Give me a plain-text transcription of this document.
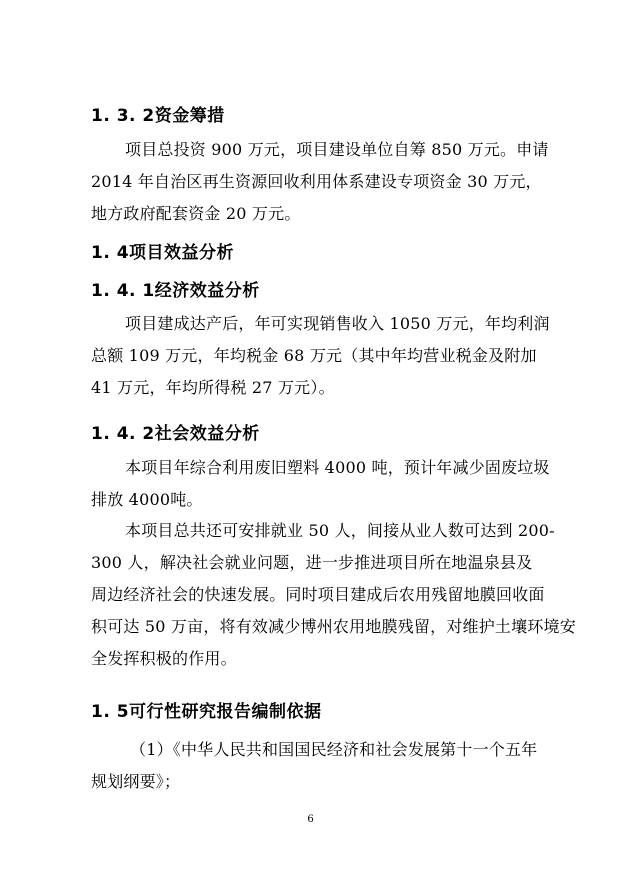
1. 3. 2资金筹措
项目总投资 900 万元，项目建设单位自筹 850 万元。申请
2014 年自治区再生资源回收利用体系建设专项资金 30 万元，
地方政府配套资金 20 万元。
1. 4项目效益分析
1. 4. 1经济效益分析
项目建成达产后，年可实现销售收入 1050 万元，年均利润
总额 109 万元，年均税金 68 万元（其中年均营业税金及附加
41 万元，年均所得税 27 万元）。
1. 4. 2社会效益分析
本项目年综合利用废旧塑料 4000 吨，预计年减少固废垃圾
排放 4000吨。
本项目总共还可安排就业 50 人，间接从业人数可达到 200-
300 人，解决社会就业问题，进一步推进项目所在地温泉县及
周边经济社会的快速发展。同时项目建成后农用残留地膜回收面
积可达 50 万亩，将有效减少博州农用地膜残留，对维护土壤环境安
全发挥积极的作用。
1. 5可行性研究报告编制依据
（1）《中华人民共和国国民经济和社会发展第十一个五年
规划纲要》；
6
